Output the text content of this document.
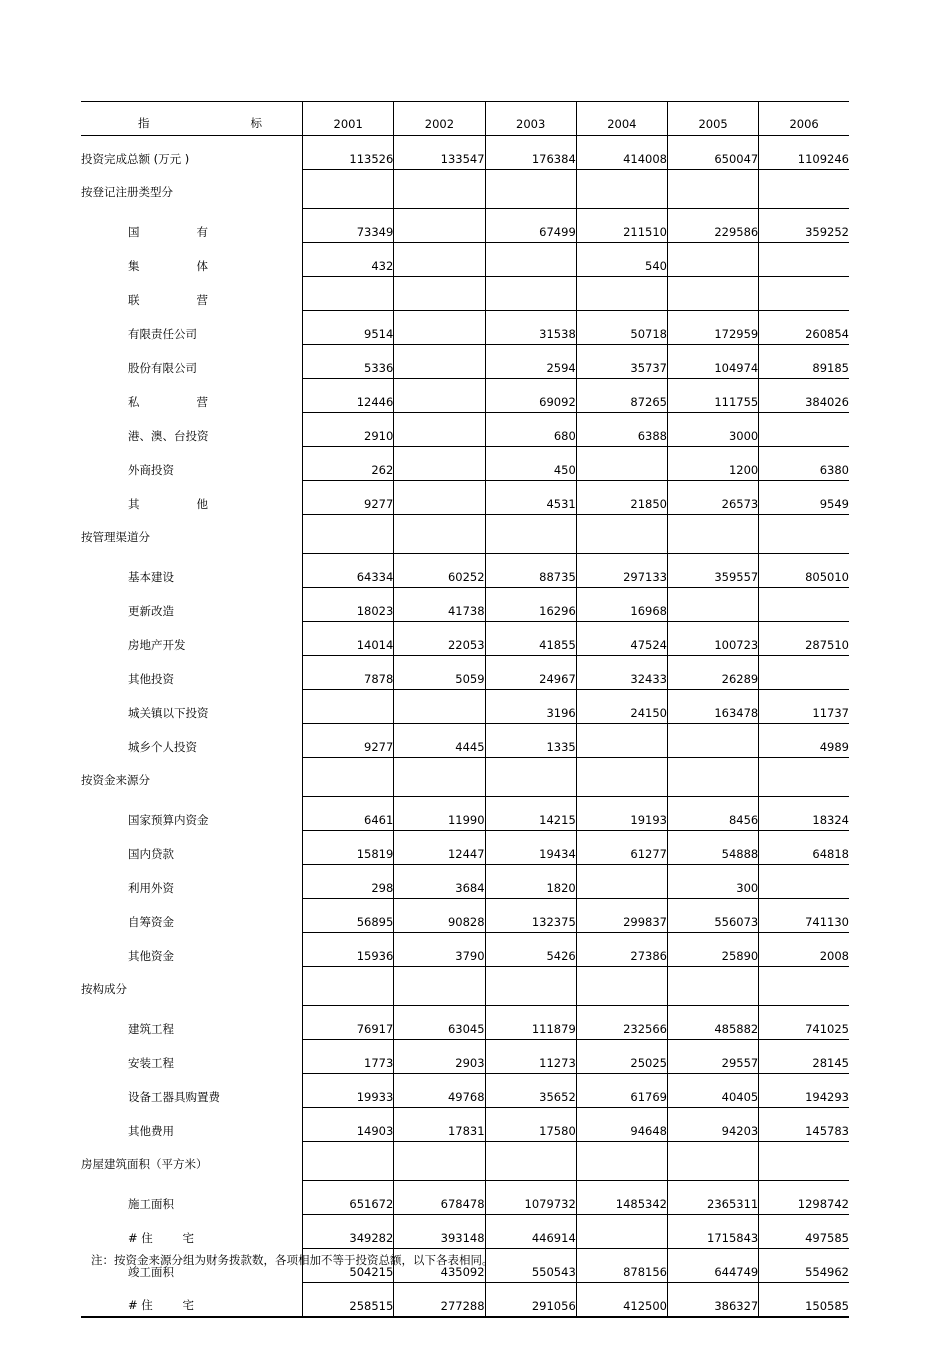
指 标	2001	2002	2003	2004	2005	2006
投资完成总额 (万元 )	113526	133547	176384	414008	650047	1109246
按登记注册类型分						

国 有	73349		67499	211510	229586	359252

集 体	432			540		

联 营						

有限责任公司	9514		31538	50718	172959	260854
股份有限公司	5336		2594	35737	104974	89185

私 营	12446		69092	87265	111755	384026
港、澳、台投资	2910		680	6388	3000	
外商投资	262		450		1200	6380

其 他	9277		4531	21850	26573	9549
按管理渠道分						
基本建设	64334	60252	88735	297133	359557	805010
更新改造	18023	41738	16296	16968		
房地产开发	14014	22053	41855	47524	100723	287510
其他投资	7878	5059	24967	32433	26289	
城关镇以下投资			3196	24150	163478	11737
城乡个人投资	9277	4445	1335			4989
按资金来源分						
国家预算内资金	6461	11990	14215	19193	8456	18324
国内贷款	15819	12447	19434	61277	54888	64818
利用外资	298	3684	1820		300	
自筹资金	56895	90828	132375	299837	556073	741130
其他资金	15936	3790	5426	27386	25890	2008
按构成分						
建筑工程	76917	63045	111879	232566	485882	741025
安装工程	1773	2903	11273	25025	29557	28145
设备工器具购置费	19933	49768	35652	61769	40405	194293
其他费用	14903	17831	17580	94648	94203	145783
房屋建筑面积（平方米）						
施工面积	651672	678478	1079732	1485342	2365311	1298742

# 住 宅	349282	393148	446914		1715843	497585
竣工面积	504215	435092	550543	878156	644749	554962

# 住 宅	258515	277288	291056	412500	386327	150585
注：按资金来源分组为财务拨款数，各项相加不等于投资总额，以下各表相同。
